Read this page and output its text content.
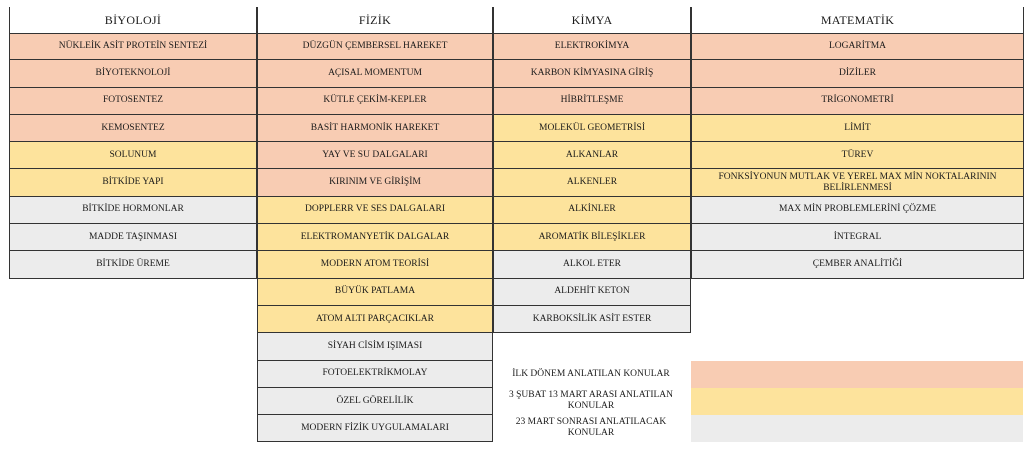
BİYOLOJİ
NÜKLEİK ASİT PROTEİN SENTEZİ
BİYOTEKNOLOJİ
FOTOSENTEZ
KEMOSENTEZ
SOLUNUM
BİTKİDE YAPI
BİTKİDE HORMONLAR
MADDE TAŞINMASI
BİTKİDE ÜREME
FİZİK
DÜZGÜN ÇEMBERSEL HAREKET
AÇISAL MOMENTUM
KÜTLE ÇEKİM-KEPLER
BASİT HARMONİK HAREKET
YAY VE SU DALGALARI
KIRINIM VE GİRİŞİM
DOPPLERR VE SES DALGALARI
ELEKTROMANYETİK DALGALAR
MODERN ATOM TEORİSİ
BÜYÜK PATLAMA
ATOM ALTI PARÇACIKLAR
SİYAH CİSİM IŞIMASI
FOTOELEKTRİKMOLAY
ÖZEL GÖRELİLİK
MODERN FİZİK UYGULAMALARI
KİMYA
ELEKTROKİMYA
KARBON KİMYASINA GİRİŞ
HİBRİTLEŞME
MOLEKÜL GEOMETRİSİ
ALKANLAR
ALKENLER
ALKİNLER
AROMATİK BİLEŞİKLER
ALKOL ETER
ALDEHİT KETON
KARBOKSİLİK ASİT ESTER
MATEMATİK
LOGARİTMA
DİZİLER
TRİGONOMETRİ
LİMİT
TÜREV
FONKSİYONUN MUTLAK VE YEREL MAX MİN NOKTALARININ BELİRLENMESİ
MAX MİN PROBLEMLERİNİ ÇÖZME
İNTEGRAL
ÇEMBER ANALİTİĞİ
İLK DÖNEM ANLATILAN KONULAR
3 ŞUBAT 13 MART ARASI ANLATILAN KONULAR
23 MART SONRASI ANLATILACAK KONULAR
